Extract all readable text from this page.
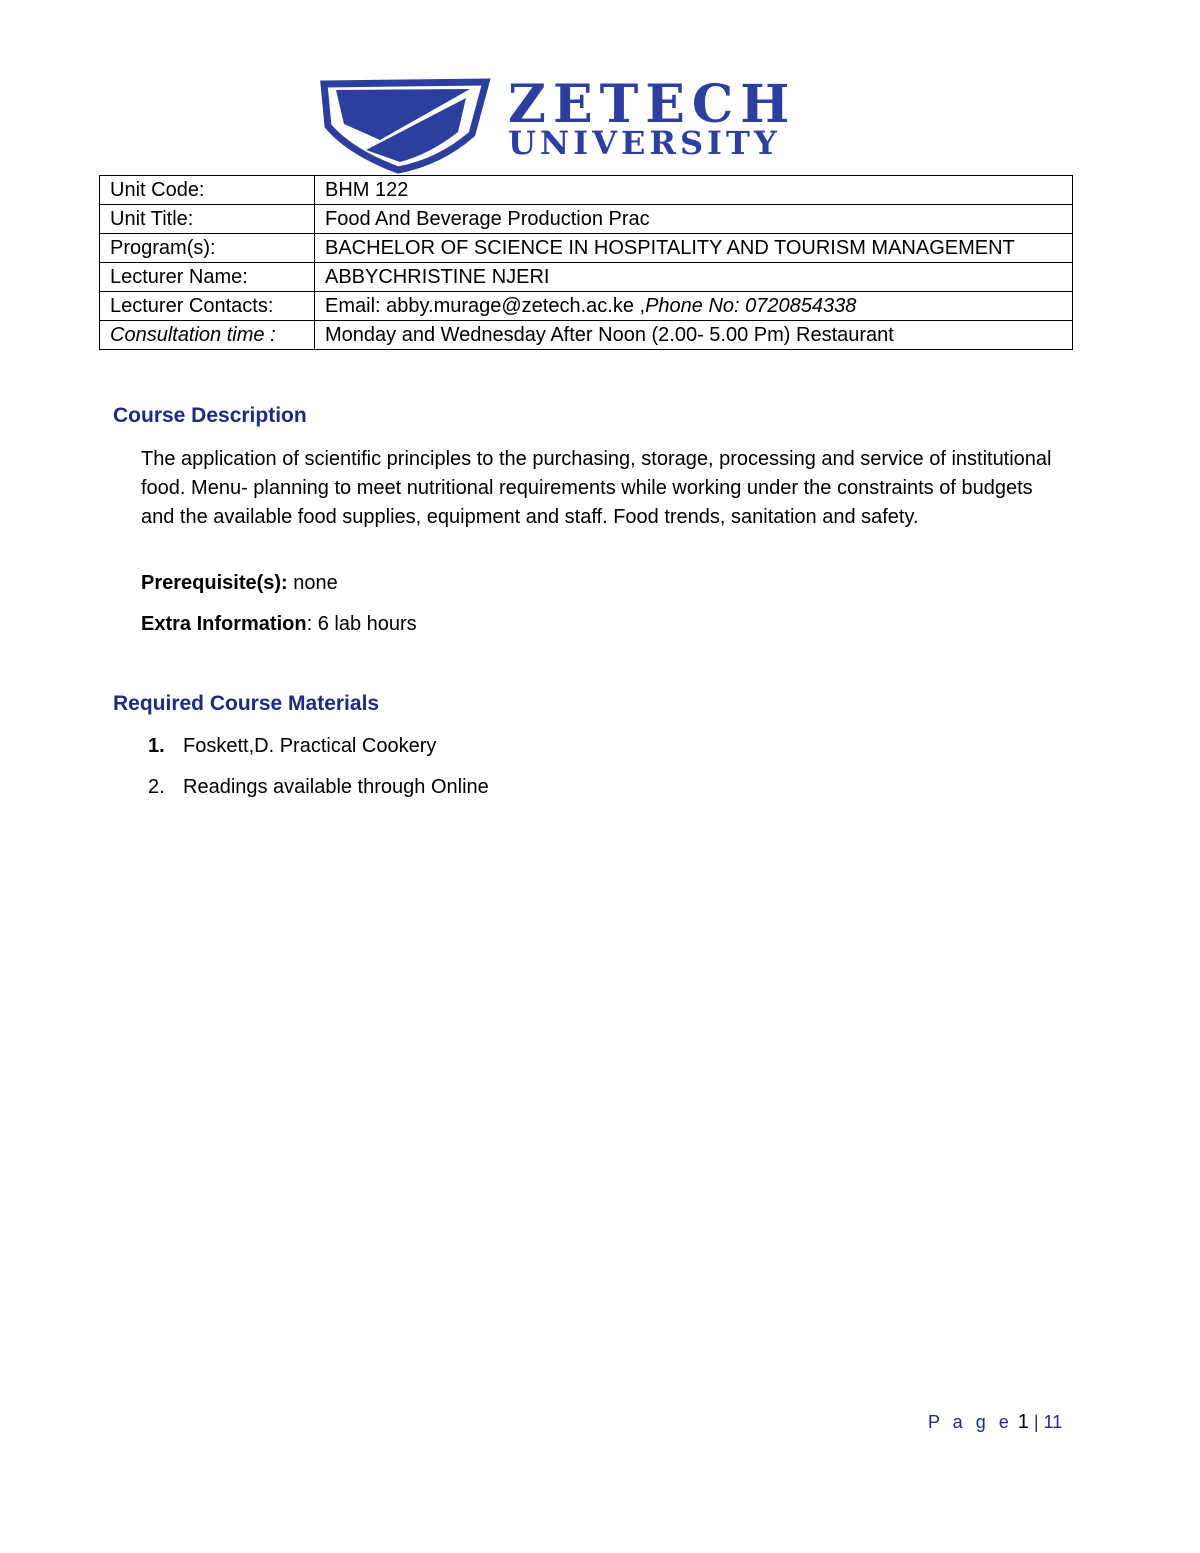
ZETECH
UNIVERSITY
Unit Code:	BHM 122
Unit Title:	Food And Beverage Production Prac
Program(s):	BACHELOR OF SCIENCE IN HOSPITALITY AND TOURISM MANAGEMENT
Lecturer Name:	ABBYCHRISTINE NJERI
Lecturer Contacts:	Email: abby.murage@zetech.ac.ke ,Phone No: 0720854338
Consultation time :	Monday and Wednesday After Noon (2.00- 5.00 Pm) Restaurant
Course Description
The application of scientific principles to the purchasing, storage, processing and service of institutional food. Menu- planning to meet nutritional requirements while working under the constraints of budgets and the available food supplies, equipment and staff. Food trends, sanitation and safety.
Prerequisite(s): none
Extra Information: 6 lab hours
Required Course Materials
1. Foskett,D. Practical Cookery
2. Readings available through Online
P a g e 1 | 11
